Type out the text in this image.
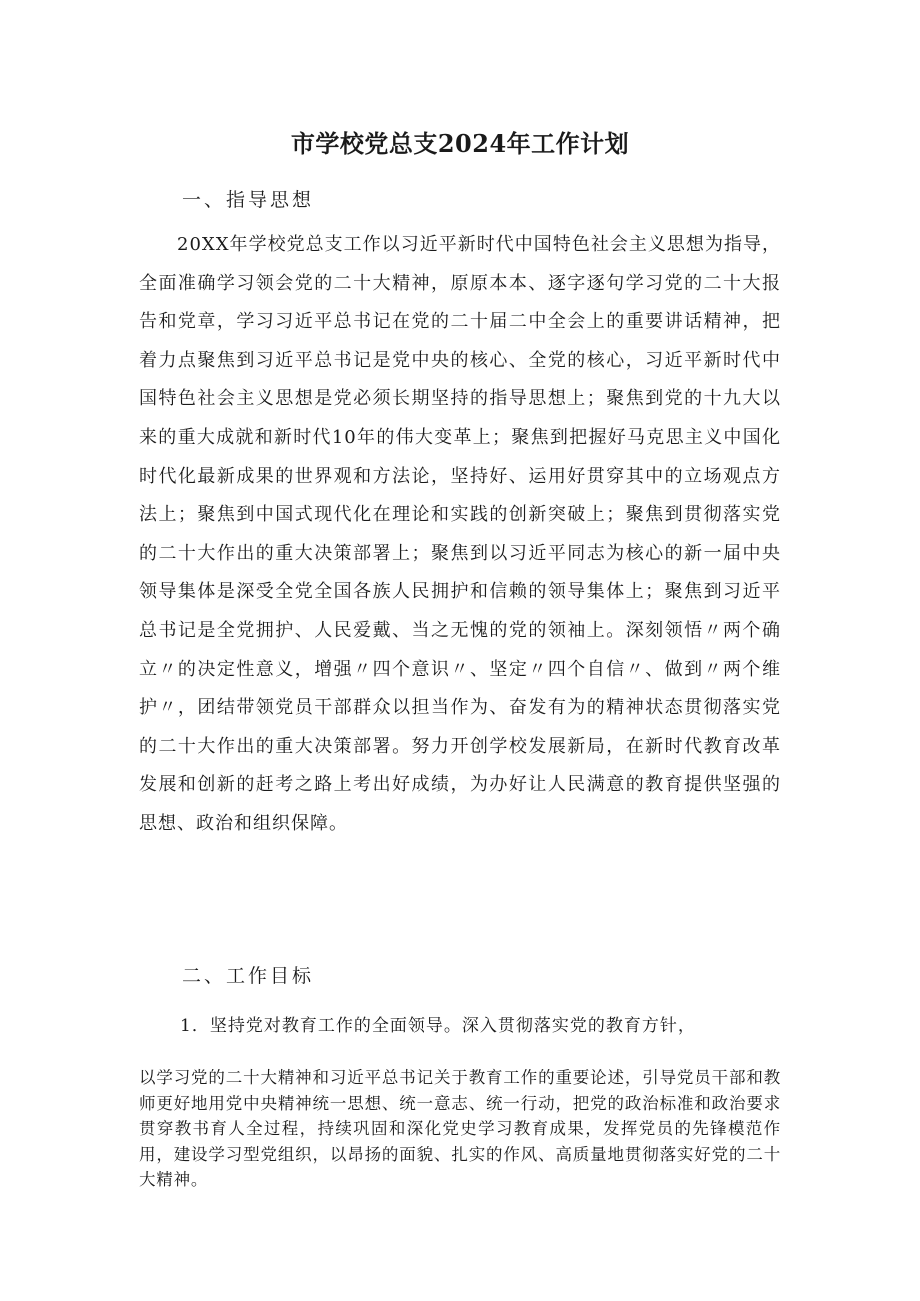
市学校党总支2024年工作计划
一、指导思想

20XX年学校党总支工作以习近平新时代中国特色社会主义思想为指导，全面准确学习领会党的二十大精神，原原本本、逐字逐句学习党的二十大报告和党章，学习习近平总书记在党的二十届二中全会上的重要讲话精神，把着力点聚焦到习近平总书记是党中央的核心、全党的核心，习近平新时代中国特色社会主义思想是党必须长期坚持的指导思想上；聚焦到党的十九大以来的重大成就和新时代10年的伟大变革上；聚焦到把握好马克思主义中国化时代化最新成果的世界观和方法论，坚持好、运用好贯穿其中的立场观点方法上；聚焦到中国式现代化在理论和实践的创新突破上；聚焦到贯彻落实党的二十大作出的重大决策部署上；聚焦到以习近平同志为核心的新一届中央领导集体是深受全党全国各族人民拥护和信赖的领导集体上；聚焦到习近平总书记是全党拥护、人民爱戴、当之无愧的党的领袖上。深刻领悟〃两个确立〃的决定性意义，增强〃四个意识〃、坚定〃四个自信〃、做到〃两个维护〃，团结带领党员干部群众以担当作为、奋发有为的精神状态贯彻落实党的二十大作出的重大决策部署。努力开创学校发展新局，在新时代教育改革发展和创新的赶考之路上考出好成绩，为办好让人民满意的教育提供坚强的思想、政治和组织保障。

二、工作目标
1．坚持党对教育工作的全面领导。深入贯彻落实党的教育方针，

以学习党的二十大精神和习近平总书记关于教育工作的重要论述，引导党员干部和教师更好地用党中央精神统一思想、统一意志、统一行动，把党的政治标准和政治要求贯穿教书育人全过程，持续巩固和深化党史学习教育成果，发挥党员的先锋模范作用，建设学习型党组织，以昂扬的面貌、扎实的作风、高质量地贯彻落实好党的二十大精神。
